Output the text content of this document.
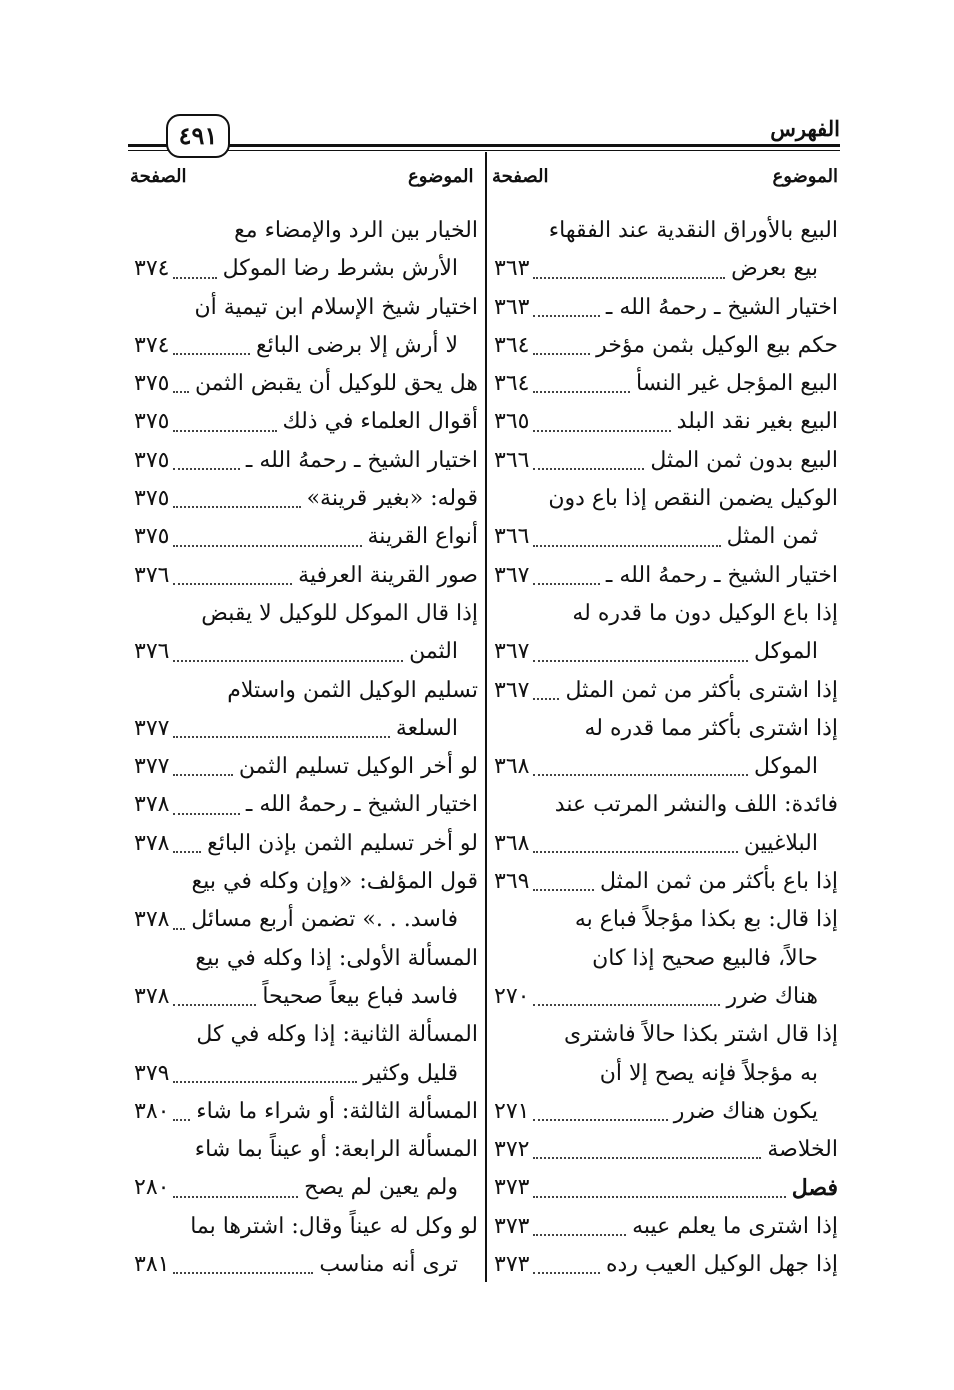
٤٩١	الفهرس
الموضوع
الصفحة
الموضوع
الصفحة
البيع بالأوراق النقدية عند الفقهاء
بيع بعرض
٣٦٣
اختيار الشيخ ـ رحمهُ الله ـ
٣٦٣
حكم بيع الوكيل بثمن مؤخر
٣٦٤
البيع المؤجل غير النسأ
٣٦٤
البيع بغير نقد البلد
٣٦٥
البيع بدون ثمن المثل
٣٦٦
الوكيل يضمن النقص إذا باع دون
ثمن المثل
٣٦٦
اختيار الشيخ ـ رحمهُ الله ـ
٣٦٧
إذا باع الوكيل دون ما قدره له
الموكل
٣٦٧
إذا اشترى بأكثر من ثمن المثل
٣٦٧
إذا اشترى بأكثر مما قدره له
الموكل
٣٦٨
فائدة: اللف والنشر المرتب عند
البلاغيين
٣٦٨
إذا باع بأكثر من ثمن المثل
٣٦٩
إذا قال: بع بكذا مؤجلاً فباع به
حالاً، فالبيع صحيح إذا كان
هناك ضرر
٢٧٠
إذا قال اشتر بكذا حالاً فاشترى
به مؤجلاً فإنه يصح إلا أن
يكون هناك ضرر
٢٧١
الخلاصة
٣٧٢
فصل
٣٧٣
إذا اشترى ما يعلم عيبه
٣٧٣
إذا جهل الوكيل العيب رده
٣٧٣
الخيار بين الرد والإمضاء مع
الأرش بشرط رضا الموكل
٣٧٤
اختيار شيخ الإسلام ابن تيمية أن
لا أرش إلا برضى البائع
٣٧٤
هل يحق للوكيل أن يقبض الثمن
٣٧٥
أقوال العلماء في ذلك
٣٧٥
اختيار الشيخ ـ رحمهُ الله ـ
٣٧٥
قوله: «بغير قرينة»
٣٧٥
أنواع القرينة
٣٧٥
صور القرينة العرفية
٣٧٦
إذا قال الموكل للوكيل لا يقبض
الثمن
٣٧٦
تسليم الوكيل الثمن واستلام
السلعة
٣٧٧
لو أخر الوكيل تسليم الثمن
٣٧٧
اختيار الشيخ ـ رحمهُ الله ـ
٣٧٨
لو أخر تسليم الثمن بإذن البائع
٣٧٨
قول المؤلف: «وإن وكله في بيع
فاسد. . .» تضمن أربع مسائل
٣٧٨
المسألة الأولى: إذا وكله في بيع
فاسد فباع بيعاً صحيحاً
٣٧٨
المسألة الثانية: إذا وكله في كل
قليل وكثير
٣٧٩
المسألة الثالثة: أو شراء ما شاء
٣٨٠
المسألة الرابعة: أو عيناً بما شاء
ولم يعين لم يصح
٢٨٠
لو وكل له عيناً وقال: اشترها بما
ترى أنه مناسب
٣٨١
